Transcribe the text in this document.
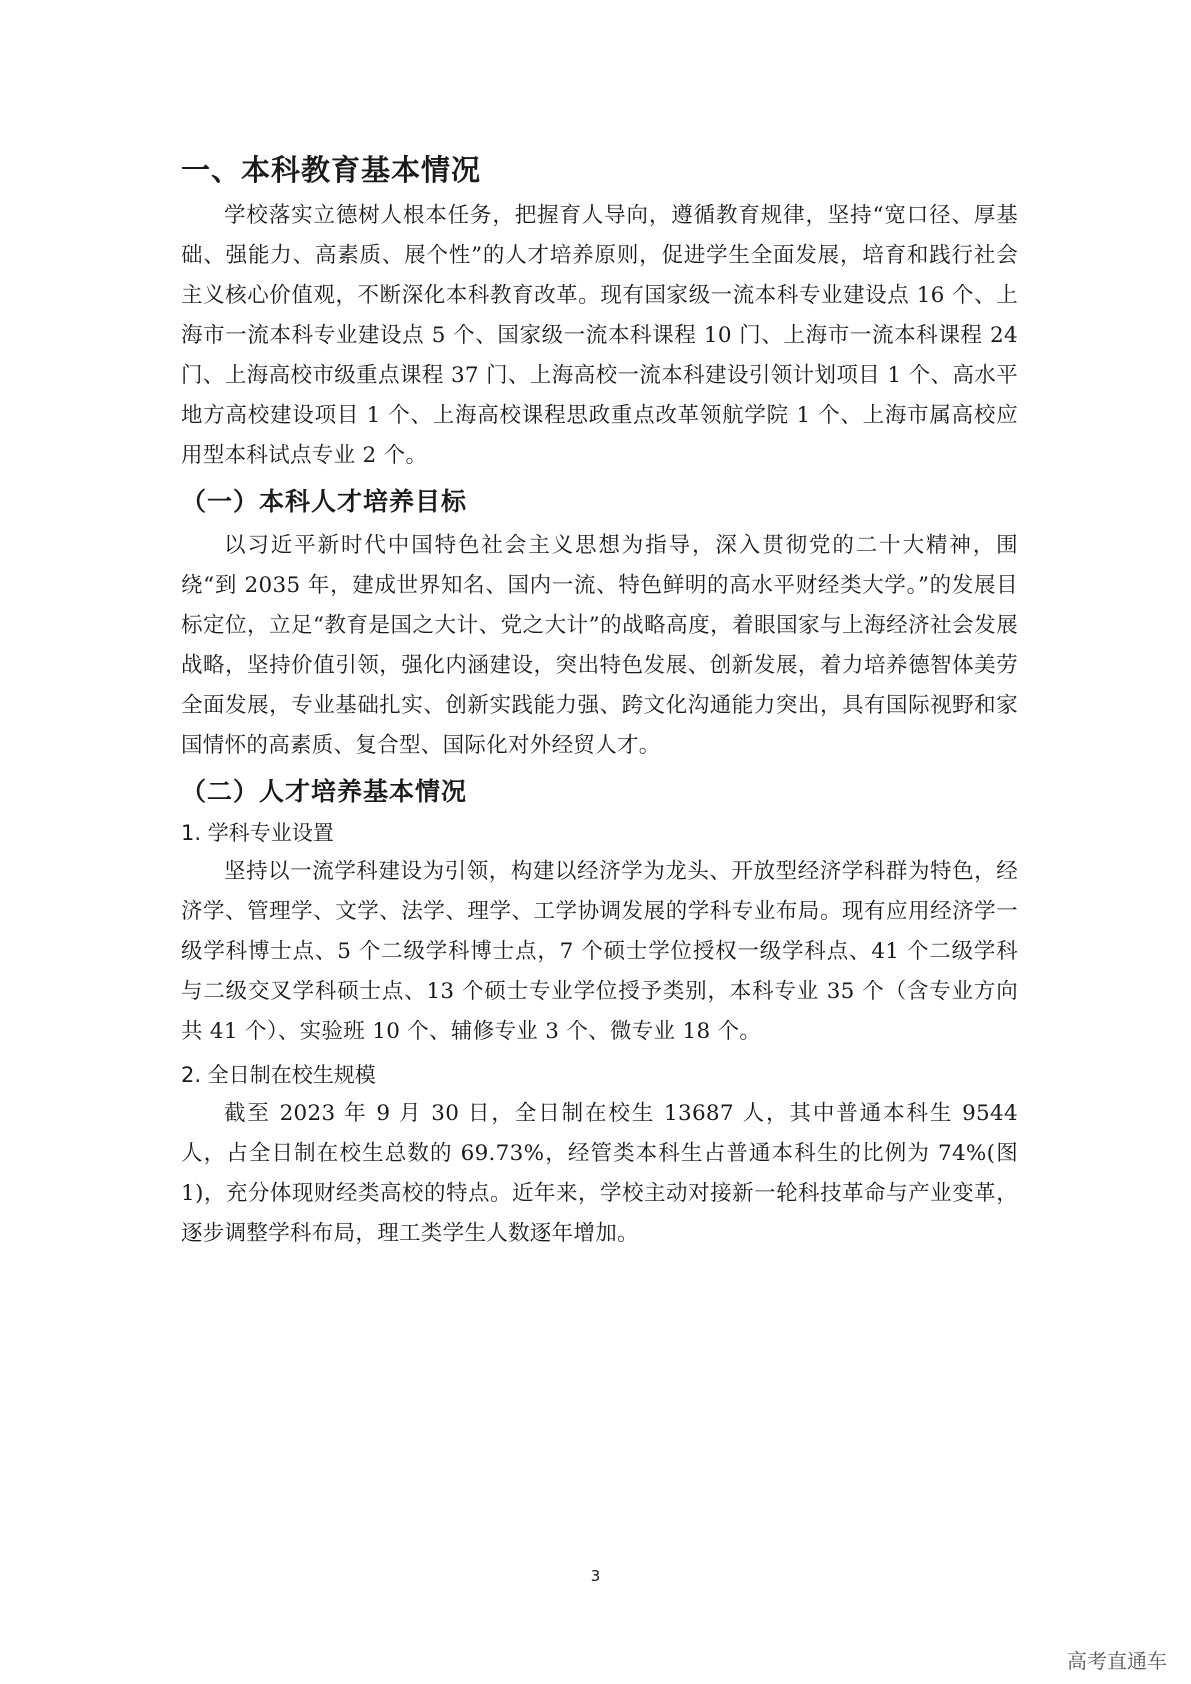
一、本科教育基本情况

学校落实立德树人根本任务，把握育人导向，遵循教育规律，坚持“宽口径、厚基础、强能力、高素质、展个性”的人才培养原则，促进学生全面发展，培育和践行社会主义核心价值观，不断深化本科教育改革。现有国家级一流本科专业建设点 16 个、上海市一流本科专业建设点 5 个、国家级一流本科课程 10 门、上海市一流本科课程 24 门、上海高校市级重点课程 37 门、上海高校一流本科建设引领计划项目 1 个、高水平地方高校建设项目 1 个、上海高校课程思政重点改革领航学院 1 个、上海市属高校应用型本科试点专业 2 个。

（一）本科人才培养目标

以习近平新时代中国特色社会主义思想为指导，深入贯彻党的二十大精神，围绕“到 2035 年，建成世界知名、国内一流、特色鲜明的高水平财经类大学。”的发展目标定位，立足“教育是国之大计、党之大计”的战略高度，着眼国家与上海经济社会发展战略，坚持价值引领，强化内涵建设，突出特色发展、创新发展，着力培养德智体美劳全面发展，专业基础扎实、创新实践能力强、跨文化沟通能力突出，具有国际视野和家国情怀的高素质、复合型、国际化对外经贸人才。

（二）人才培养基本情况
1. 学科专业设置

坚持以一流学科建设为引领，构建以经济学为龙头、开放型经济学科群为特色，经济学、管理学、文学、法学、理学、工学协调发展的学科专业布局。现有应用经济学一级学科博士点、5 个二级学科博士点，7 个硕士学位授权一级学科点、41 个二级学科与二级交叉学科硕士点、13 个硕士专业学位授予类别，本科专业 35 个（含专业方向共 41 个）、实验班 10 个、辅修专业 3 个、微专业 18 个。

2. 全日制在校生规模

截至 2023 年 9 月 30 日，全日制在校生 13687 人，其中普通本科生 9544 人，占全日制在校生总数的 69.73%，经管类本科生占普通本科生的比例为 74%(图 1)，充分体现财经类高校的特点。近年来，学校主动对接新一轮科技革命与产业变革，逐步调整学科布局，理工类学生人数逐年增加。

3
高考直通车
